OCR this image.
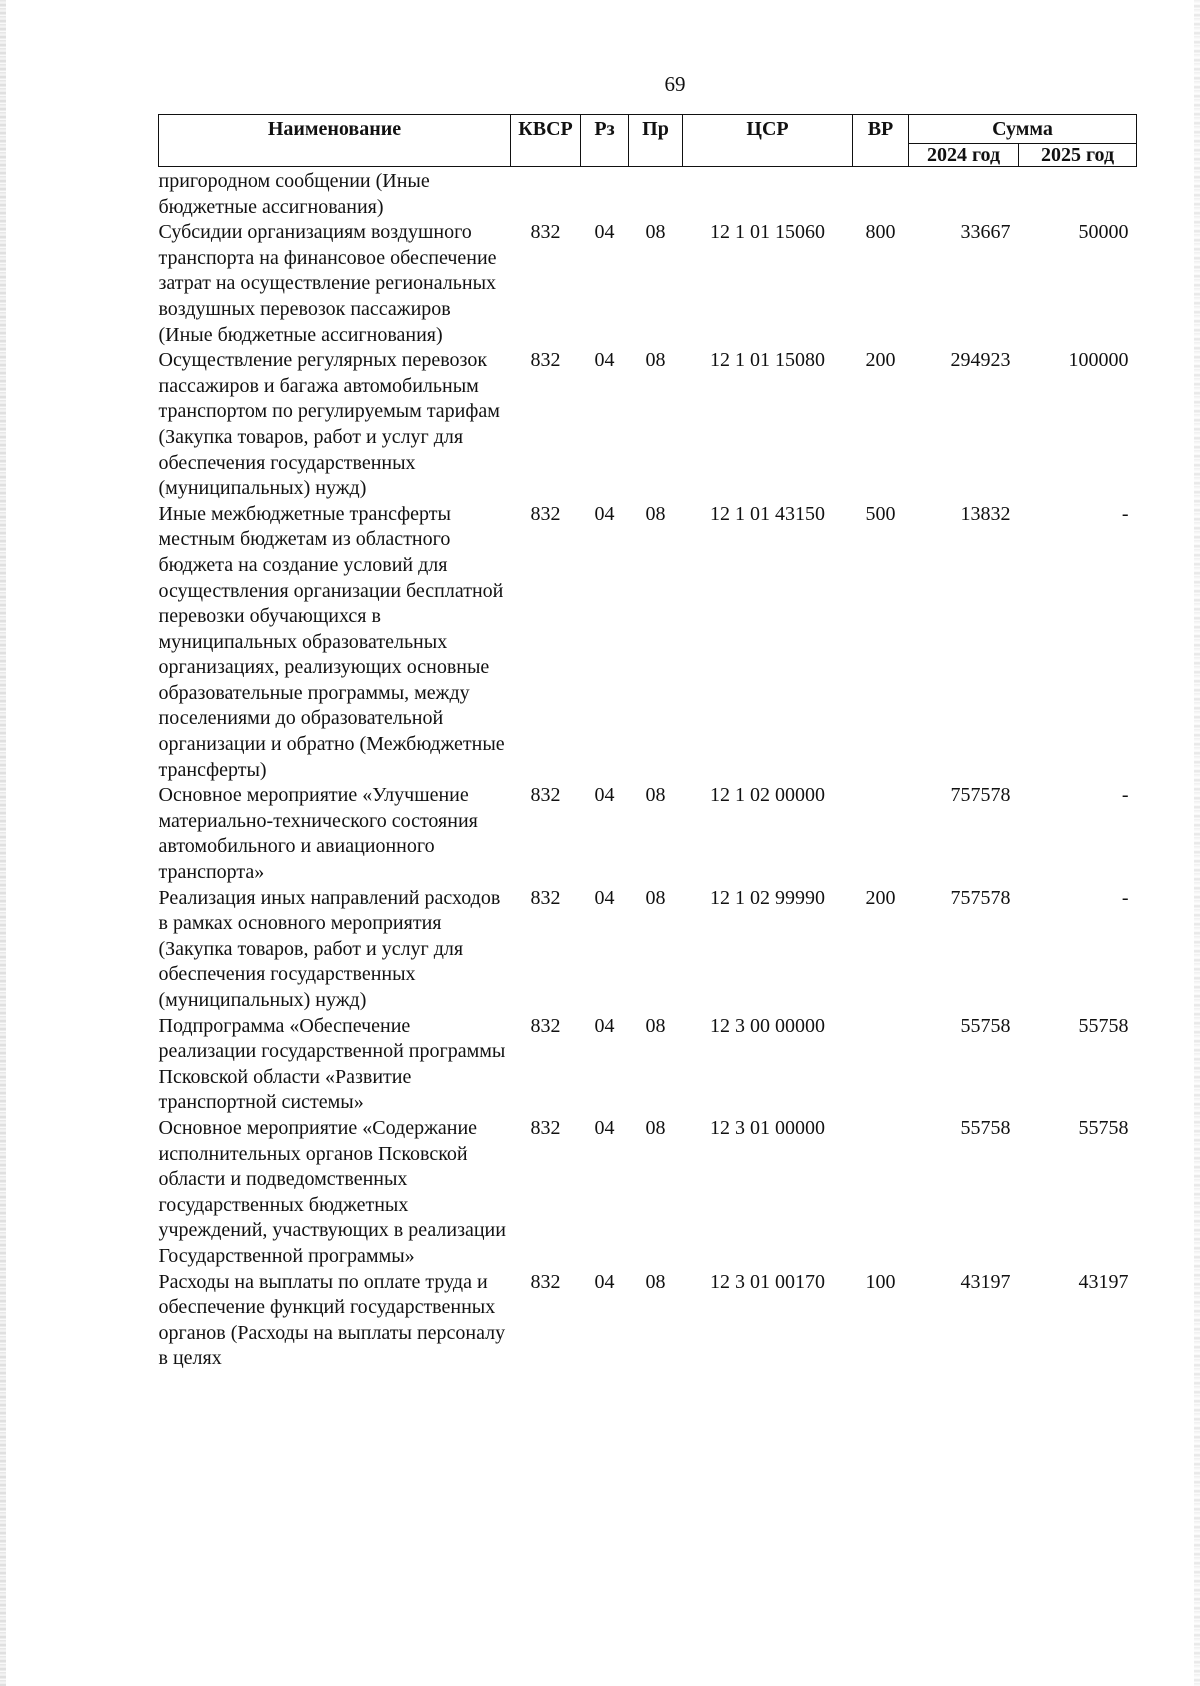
69
Наименование	КВСР	Рз	Пр	ЦСР	ВР	Сумма	
						2024 год	2025 год
пригородном сообщении (Иные бюджетные ассигнования)							
Субсидии организациям воздушного транспорта на финансовое обеспечение затрат на осуществление региональных воздушных перевозок пассажиров (Иные бюджетные ассигнования)	832	04	08	12 1 01 15060	800	33667	50000
Осуществление регулярных перевозок пассажиров и багажа автомобильным транспортом по регулируемым тарифам (Закупка товаров, работ и услуг для обеспечения государственных (муниципальных) нужд)	832	04	08	12 1 01 15080	200	294923	100000
Иные межбюджетные трансферты местным бюджетам из областного бюджета на создание условий для осуществления организации бесплатной перевозки обучающихся в муниципальных образовательных организациях, реализующих основные образовательные программы, между поселениями до образовательной организации и обратно (Межбюджетные трансферты)	832	04	08	12 1 01 43150	500	13832	-
Основное мероприятие «Улучшение материально-технического состояния автомобильного и авиационного транспорта»	832	04	08	12 1 02 00000		757578	-
Реализация иных направлений расходов в рамках основного мероприятия (Закупка товаров, работ и услуг для обеспечения государственных (муниципальных) нужд)	832	04	08	12 1 02 99990	200	757578	-
Подпрограмма «Обеспечение реализации государственной программы Псковской области «Развитие транспортной системы»	832	04	08	12 3 00 00000		55758	55758
Основное мероприятие «Содержание исполнительных органов Псковской области и подведомственных государственных бюджетных учреждений, участвующих в реализации Государственной программы»	832	04	08	12 3 01 00000		55758	55758
Расходы на выплаты по оплате труда и обеспечение функций государственных органов (Расходы на выплаты персоналу в целях	832	04	08	12 3 01 00170	100	43197	43197
